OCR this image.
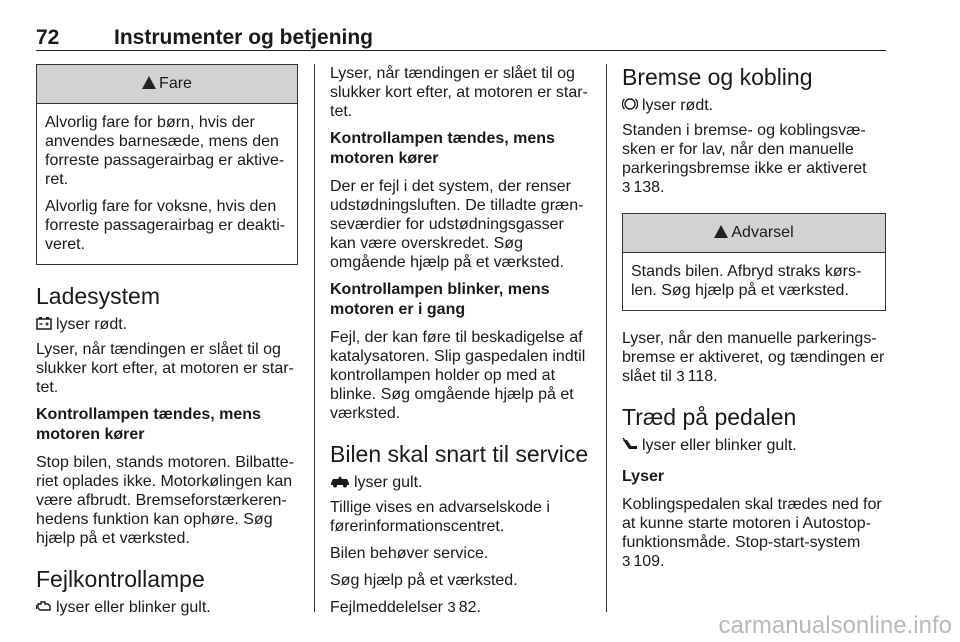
72	Instrumenter og betjening
Fare

Alvorlig fare for børn, hvis der anvendes barnesæde, mens den forreste passagerairbag er aktiveret.

Alvorlig fare for voksne, hvis den forreste passagerairbag er deaktiveret.

Ladesystem

lyser rødt.

Lyser, når tændingen er slået til og slukker kort efter, at motoren er startet.

Kontrollampen tændes, mens motoren kører

Stop bilen, stands motoren. Bilbatteriet oplades ikke. Motorkølingen kan være afbrudt. Bremseforstærkerenhedens funktion kan ophøre. Søg hjælp på et værksted.

Fejlkontrollampe

lyser eller blinker gult.

Lyser, når tændingen er slået til og slukker kort efter, at motoren er startet.

Kontrollampen tændes, mens motoren kører

Der er fejl i det system, der renser udstødningsluften. De tilladte grænseværdier for udstødningsgasser kan være overskredet. Søg omgående hjælp på et værksted.

Kontrollampen blinker, mens motoren er i gang

Fejl, der kan føre til beskadigelse af katalysatoren. Slip gaspedalen indtil kontrollampen holder op med at blinke. Søg omgående hjælp på et værksted.

Bilen skal snart til service

lyser gult.

Tillige vises en advarselskode i førerinformationscentret.

Bilen behøver service.

Søg hjælp på et værksted.

Fejlmeddelelser 3 82.

Bremse og kobling

lyser rødt.

Standen i bremse- og koblingsvæsken er for lav, når den manuelle parkeringsbremse ikke er aktiveret
3 138.

Advarsel

Stands bilen. Afbryd straks kørslen. Søg hjælp på et værksted.

Lyser, når den manuelle parkeringsbremse er aktiveret, og tændingen er slået til 3 118.

Træd på pedalen

lyser eller blinker gult.

Lyser

Koblingspedalen skal trædes ned for at kunne starte motoren i Autostop-funktionsmåde. Stop-start-system
3 109.

carmanualsonline.info
